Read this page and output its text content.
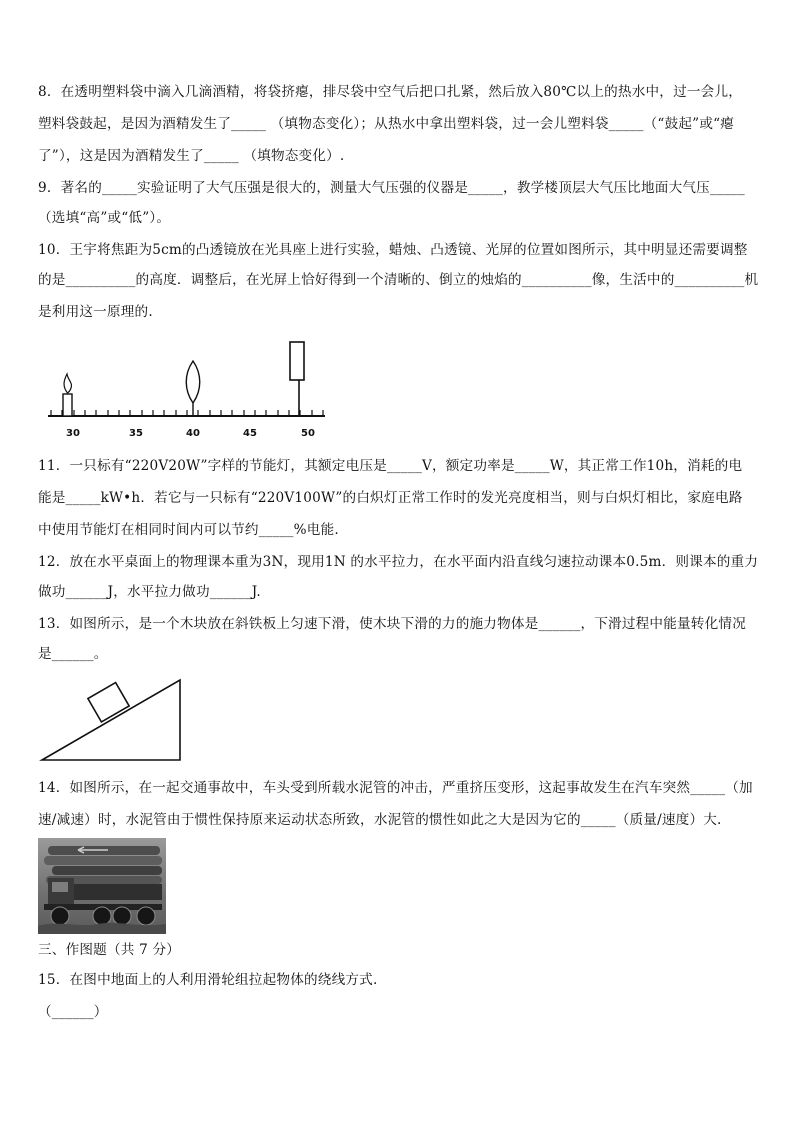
8．在透明塑料袋中滴入几滴酒精，将袋挤瘪，排尽袋中空气后把口扎紧，然后放入80℃以上的热水中，过一会儿，
塑料袋鼓起，是因为酒精发生了_____ （填物态变化）；从热水中拿出塑料袋，过一会儿塑料袋_____（“鼓起”或“瘪
了”），这是因为酒精发生了_____ （填物态变化）.
9．著名的_____实验证明了大气压强是很大的，测量大气压强的仪器是_____，教学楼顶层大气压比地面大气压_____
（选填“高”或“低”）。
10．王宇将焦距为5cm的凸透镜放在光具座上进行实验，蜡烛、凸透镜、光屏的位置如图所示，其中明显还需要调整
的是__________的高度．调整后，在光屏上恰好得到一个清晰的、倒立的烛焰的__________像，生活中的__________机
是利用这一原理的.
30	35	40	45	50
11．一只标有“220V20W”字样的节能灯，其额定电压是_____V，额定功率是_____W，其正常工作10h，消耗的电
能是_____kW•h．若它与一只标有“220V100W”的白炽灯正常工作时的发光亮度相当，则与白炽灯相比，家庭电路
中使用节能灯在相同时间内可以节约_____%电能.
12．放在水平桌面上的物理课本重为3N，现用1N 的水平拉力，在水平面内沿直线匀速拉动课本0.5m．则课本的重力
做功______J，水平拉力做功______J.
13．如图所示，是一个木块放在斜铁板上匀速下滑，使木块下滑的力的施力物体是______，下滑过程中能量转化情况
是______。
14．如图所示，在一起交通事故中，车头受到所载水泥管的冲击，严重挤压变形，这起事故发生在汽车突然_____（加
速/减速）时，水泥管由于惯性保持原来运动状态所致，水泥管的惯性如此之大是因为它的_____（质量/速度）大.
三、作图题（共 7 分）
15．在图中地面上的人利用滑轮组拉起物体的绕线方式.
（______）
